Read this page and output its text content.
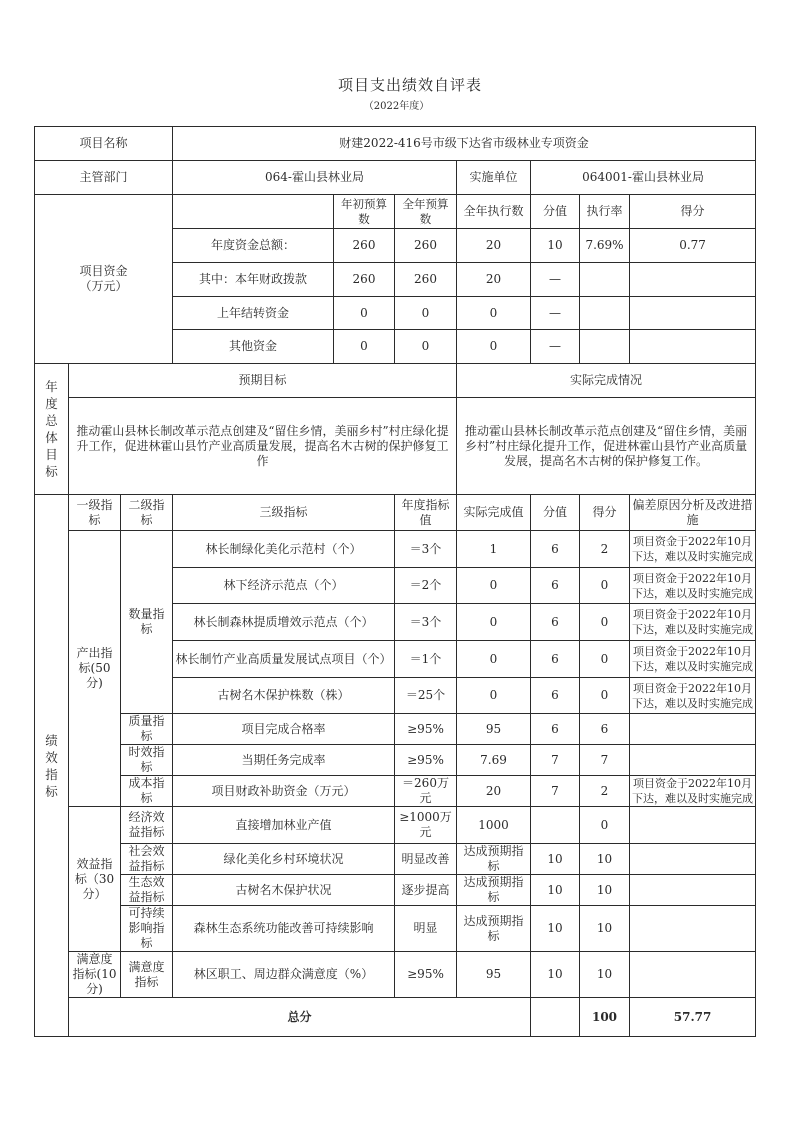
项目支出绩效自评表
（2022年度）
项目名称			财建2022-416号市级下达省市级林业专项资金							
主管部门			064-霍山县林业局			实施单位	064001-霍山县林业局			

项目资金
（万元）				年初预算数	全年预算数	全年执行数	分值	执行率	得分	
			年度资金总额：	260	260	20	10	7.69%	0.77	
			其中：本年财政拨款	260	260	20	—			
			上年结转资金	0	0	0	—			
			其他资金	0	0	0	—			
年度总体目标	预期目标					实际完成情况				
	推动霍山县林长制改革示范点创建及“留住乡情，美丽乡村”村庄绿化提升工作，促进林霍山县竹产业高质量发展，提高名木古树的保护修复工作					推动霍山县林长制改革示范点创建及“留住乡情，美丽乡村”村庄绿化提升工作，促进林霍山县竹产业高质量发展，提高名木古树的保护修复工作。				
绩效指标	一级指标	二级指标	三级指标		年度指标值	实际完成值	分值	得分	偏差原因分析及改进措施	
	产出指标(50分)	数量指标	林长制绿化美化示范村（个）		＝3个	1	6	2	项目资金于2022年10月下达，难以及时实施完成	
			林下经济示范点（个）		＝2个	0	6	0	项目资金于2022年10月下达，难以及时实施完成	
			林长制森林提质增效示范点（个）		＝3个	0	6	0	项目资金于2022年10月下达，难以及时实施完成	
			林长制竹产业高质量发展试点项目（个）		＝1个	0	6	0	项目资金于2022年10月下达，难以及时实施完成	
			古树名木保护株数（株）		＝25个	0	6	0	项目资金于2022年10月下达，难以及时实施完成	
		质量指标	项目完成合格率		≥95%	95	6	6		
		时效指标	当期任务完成率		≥95%	7.69	7	7		
		成本指标	项目财政补助资金（万元）		＝260万元	20	7	2	项目资金于2022年10月下达，难以及时实施完成	
	效益指标（30分）	经济效益指标	直接增加林业产值		≥1000万元	1000		0		
		社会效益指标	绿化美化乡村环境状况		明显改善	达成预期指标	10	10		
		生态效益指标	古树名木保护状况		逐步提高	达成预期指标	10	10		
		可持续影响指标	森林生态系统功能改善可持续影响		明显	达成预期指标	10	10		
	满意度指标(10分)	满意度指标	林区职工、周边群众满意度（%）		≥95%	95	10	10		
	总分							100	57.77	
